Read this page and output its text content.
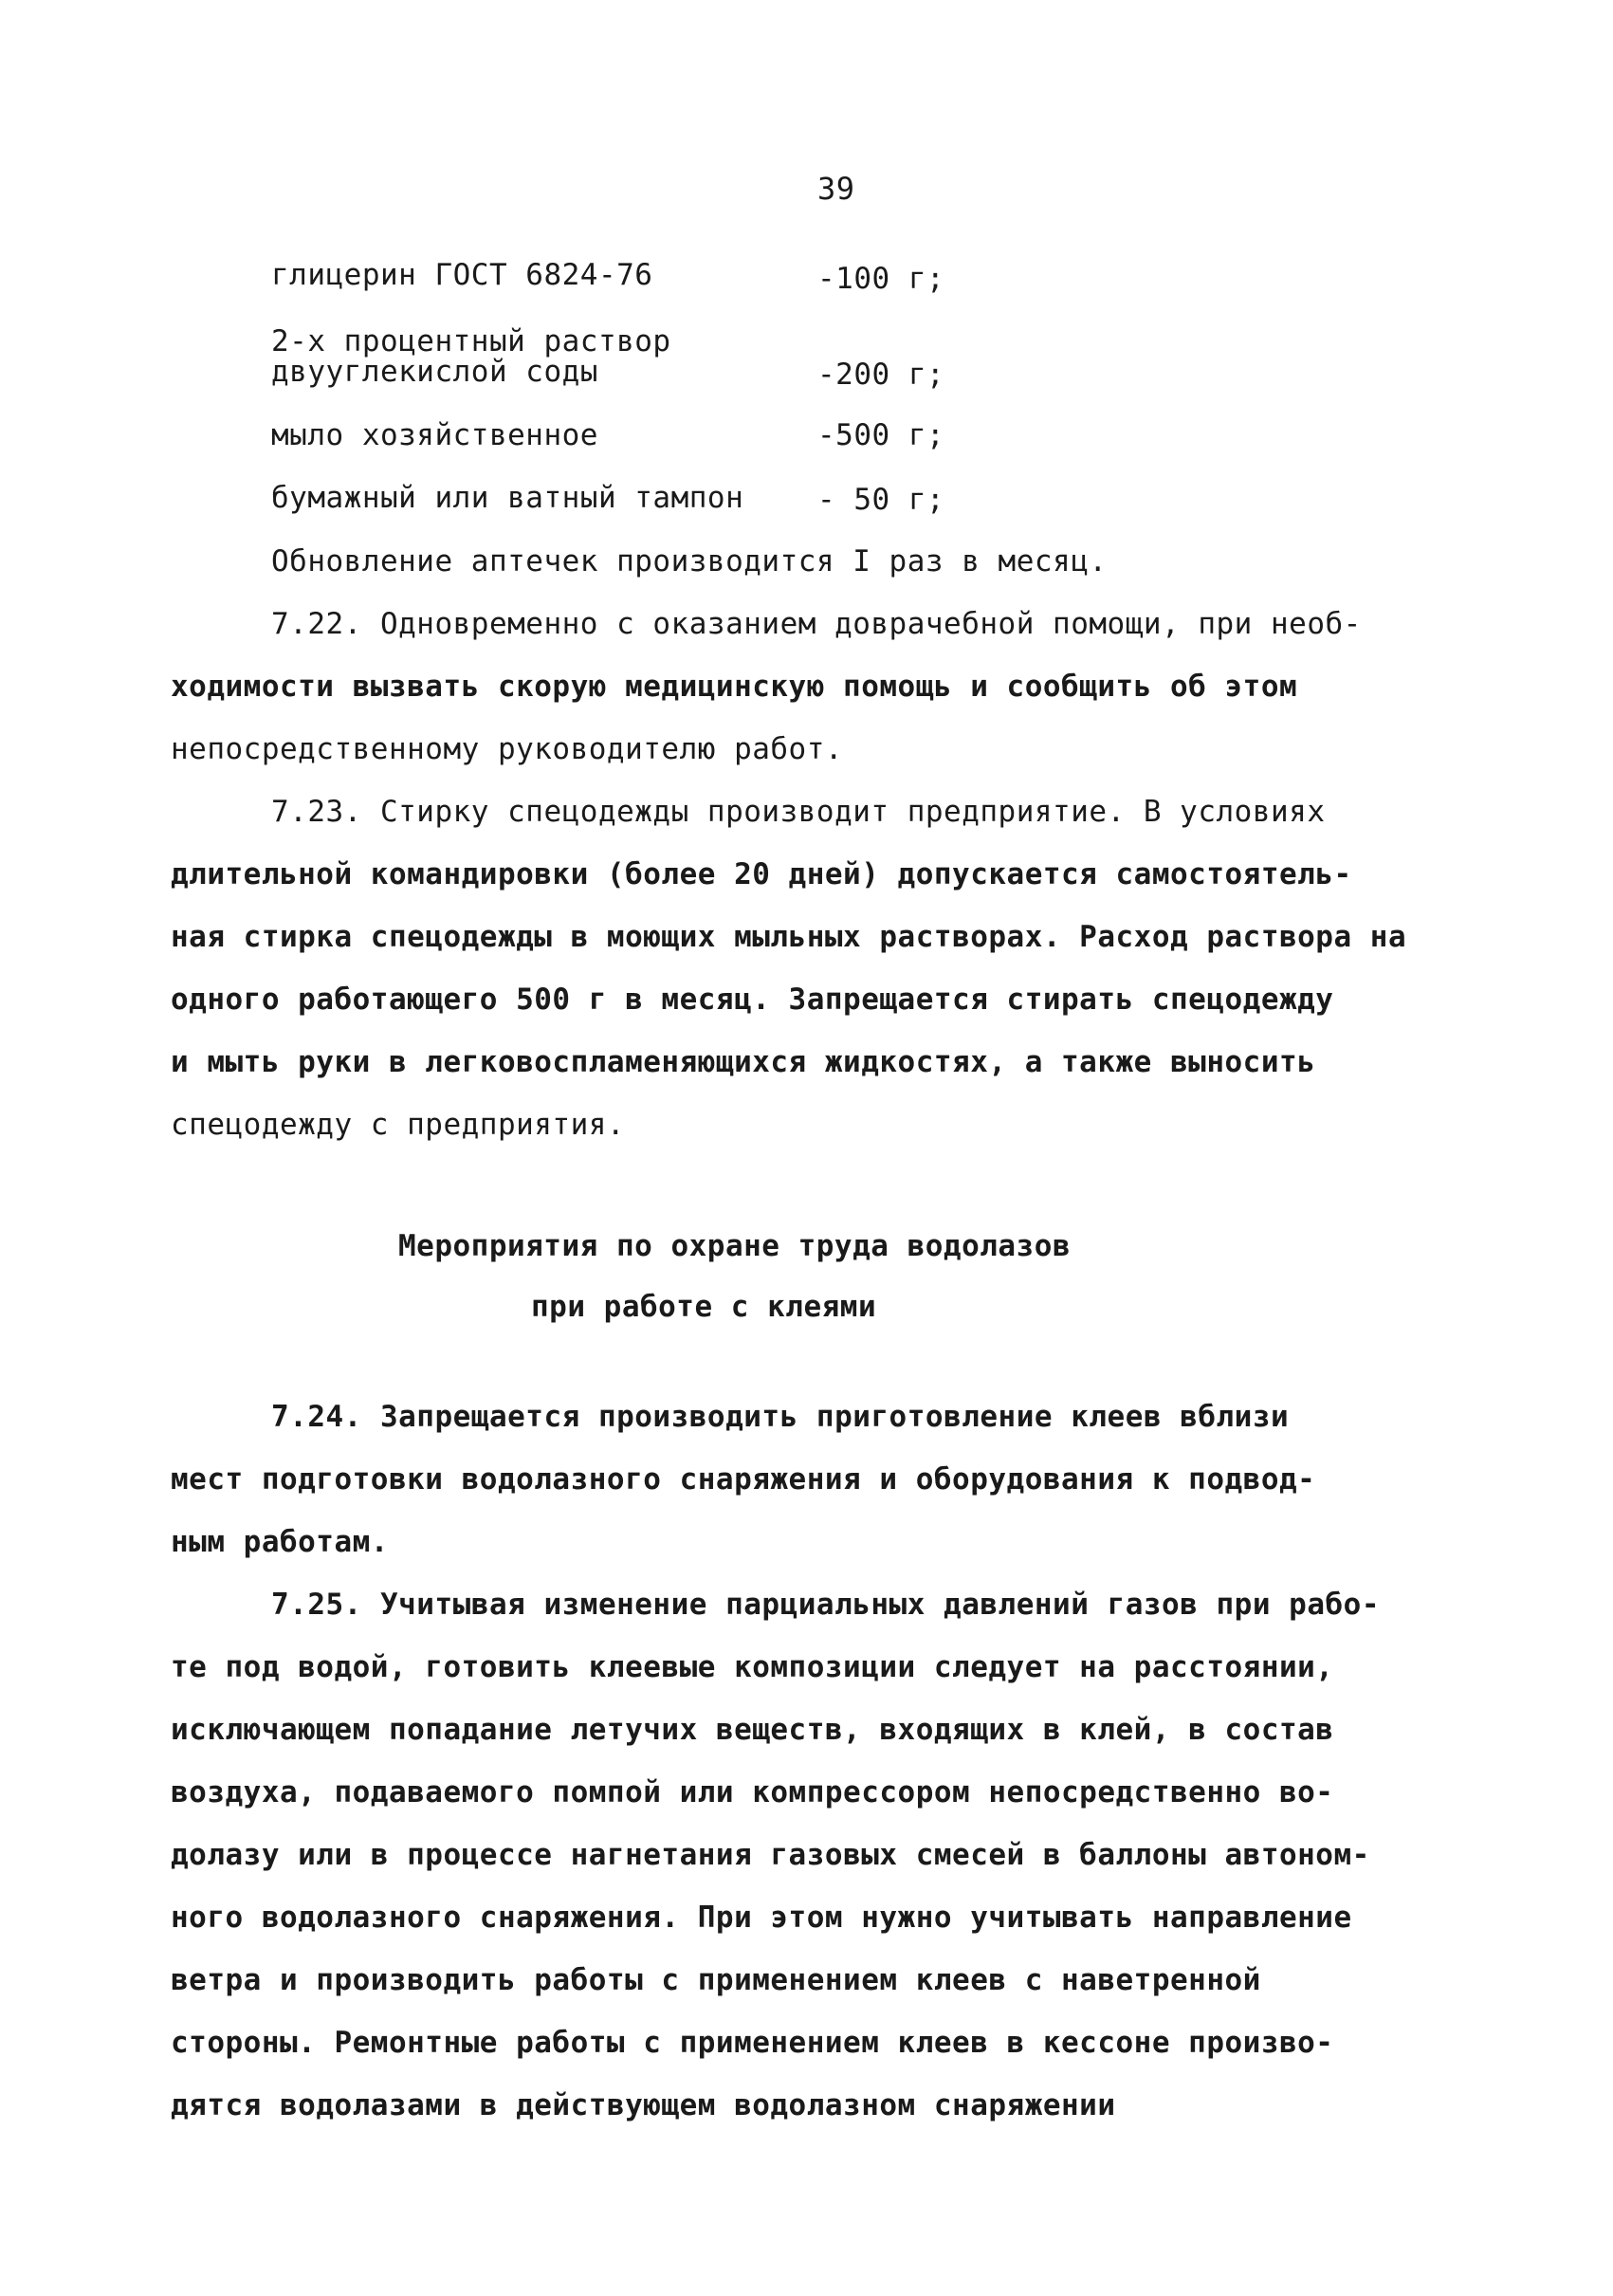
39
глицерин ГОСТ 6824-76	-100 г;
2-х процентный раствор
двууглекислой соды	-200 г;
мыло хозяйственное	-500 г;
бумажный или ватный тампон	- 50 г;
Обновление аптечек производится I раз в месяц.
7.22. Одновременно с оказанием доврачебной помощи, при необ-
ходимости вызвать скорую медицинскую помощь и сообщить об этом
непосредственному руководителю работ.
7.23. Стирку спецодежды производит предприятие. В условиях
длительной командировки (более 20 дней) допускается самостоятель-
ная стирка спецодежды в моющих мыльных растворах. Расход раствора на
одного работающего 500 г в месяц. Запрещается стирать спецодежду
и мыть руки в легковоспламеняющихся жидкостях, а также выносить
спецодежду с предприятия.
Мероприятия по охране труда водолазов
при работе с клеями
7.24. Запрещается производить приготовление клеев вблизи
мест подготовки водолазного снаряжения и оборудования к подвод-
ным работам.
7.25. Учитывая изменение парциальных давлений газов при рабо-
те под водой, готовить клеевые композиции следует на расстоянии,
исключающем попадание летучих веществ, входящих в клей, в состав
воздуха, подаваемого помпой или компрессором непосредственно во-
долазу или в процессе нагнетания газовых смесей в баллоны автоном-
ного водолазного снаряжения. При этом нужно учитывать направление
ветра и производить работы с применением клеев с наветренной
стороны. Ремонтные работы с применением клеев в кессоне произво-
дятся водолазами в действующем водолазном снаряжении
